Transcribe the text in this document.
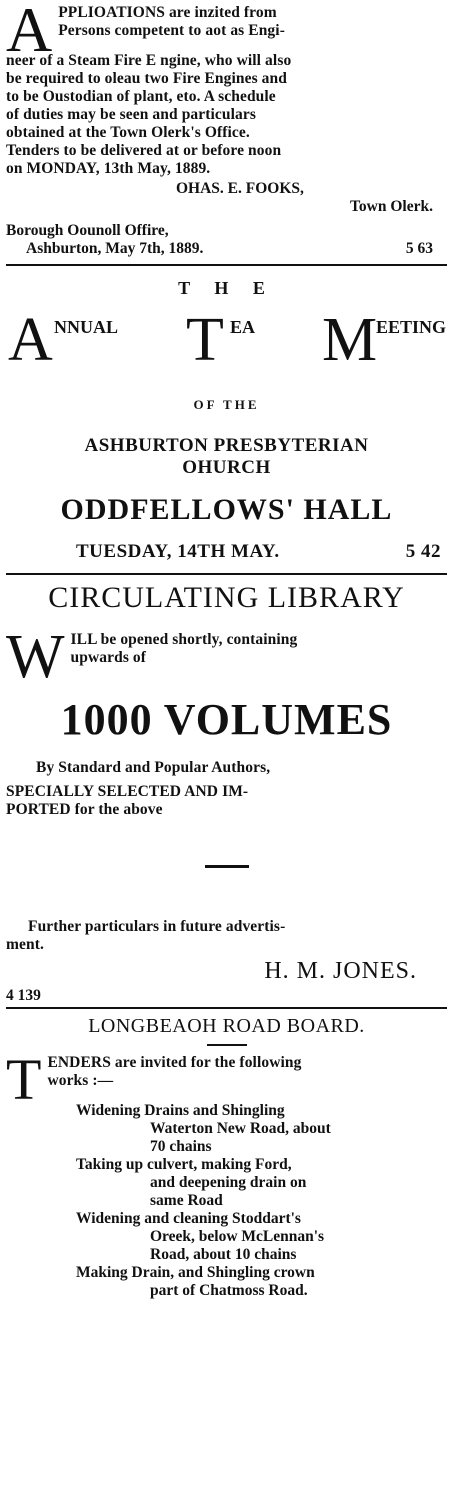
A PPLIOATIONS are inzited from

Persons competent to aot as Engi-

neer of a Steam Fire E ngine, who will also

be required to oleau two Fire Engines and

to be Oustodian of plant, eto. A schedule

of duties may be seen and particulars

obtained at the Town Olerk's Office.

Tenders to be delivered at or before noon

on MONDAY, 13th May, 1889.

OHAS. E. FOOKS,

Town Olerk.

Borough Oounoll Offire,

Ashburton, May 7th, 1889.	5 63

T H E

A NNUAL T EA M
EETING

OF THE

ASHBURTON PRESBYTERIAN

OHURCH

ODDFELLOWS' HALL

TUESDAY, 14TH MAY.	5 42

CIRCULATING LIBRARY

W ILL be opened shortly, containing

upwards of

1000 VOLUMES

By Standard and Popular Authors,

SPECIALLY SELECTED AND IM-

PORTED for the above

Further particulars in future advertis-

ment.

H. M. JONES.

4 139

LONGBEAOH ROAD BOARD.

T ENDERS are invited for the following

works :—

Widening Drains and Shingling

Waterton New Road, about

70 chains

Taking up culvert, making Ford,

and deepening drain on

same Road

Widening and cleaning Stoddart's

Oreek, below McLennan's

Road, about 10 chains

Making Drain, and Shingling crown

part of Chatmoss Road.
